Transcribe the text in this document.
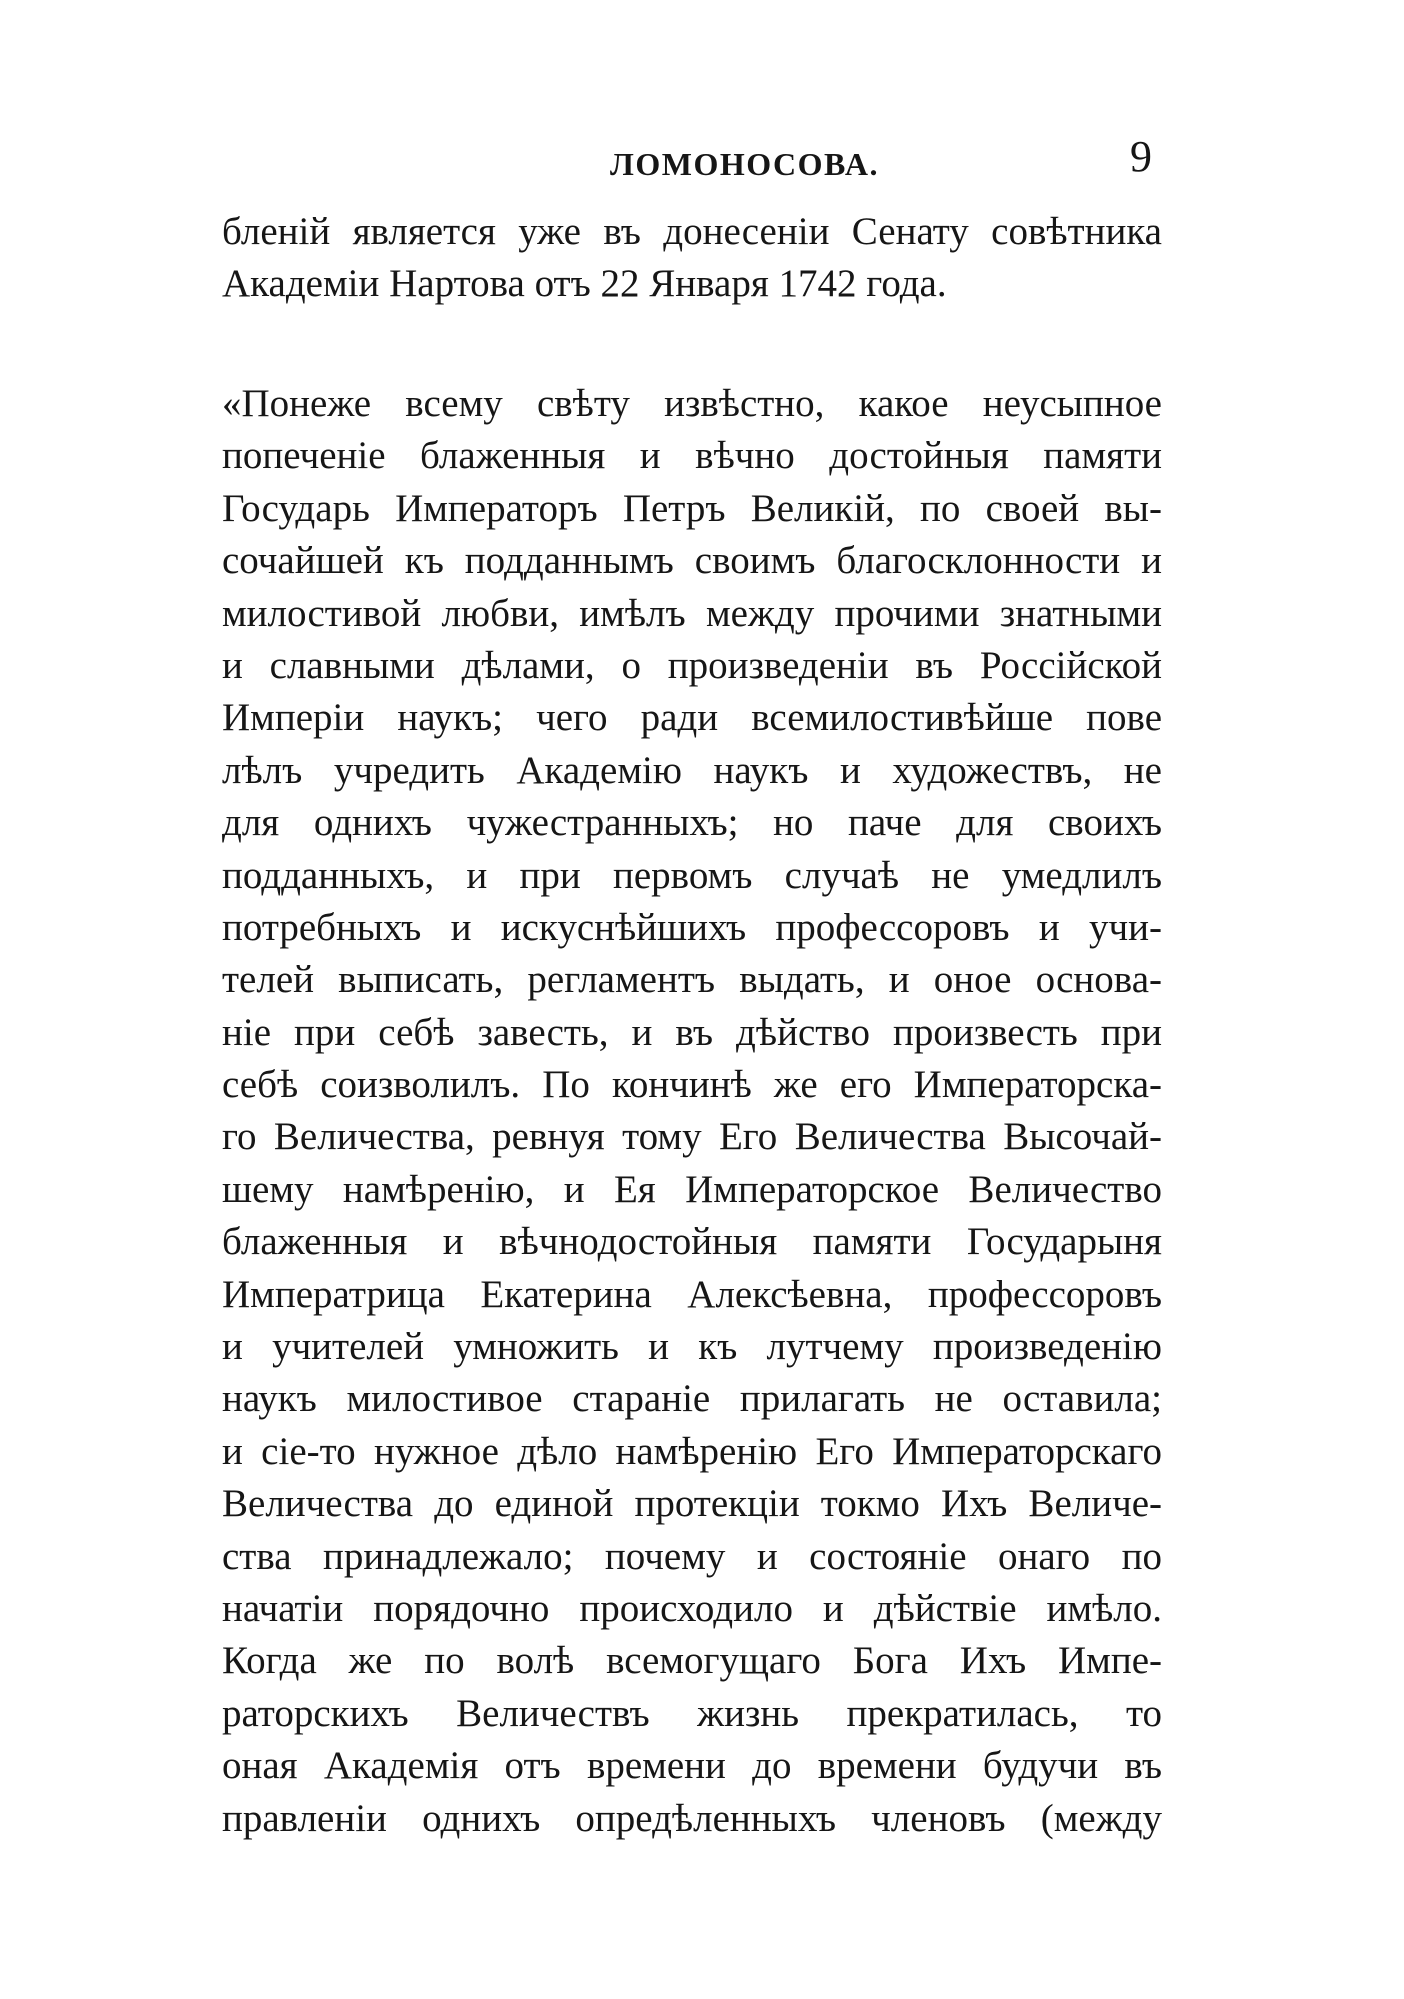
ЛОМОНОСОВА.	9
бленій является уже въ донесеніи Сенату совѣтника
Академіи Нартова отъ 22 Января 1742 года.
«Понеже всему свѣту извѣстно, какое неусыпное
попеченіе блаженныя и вѣчно достойныя памяти
Государь Императоръ Петръ Великій, по своей вы-
сочайшей къ подданнымъ своимъ благосклонности и
милостивой любви, имѣлъ между прочими знатными
и славными дѣлами, о произведеніи въ Россійской
Имперіи наукъ; чего ради всемилостивѣйше пове
лѣлъ учредить Академію наукъ и художествъ, не
для однихъ чужестранныхъ; но паче для своихъ
подданныхъ, и при первомъ случаѣ не умедлилъ
потребныхъ и искуснѣйшихъ профессоровъ и учи-
телей выписать, регламентъ выдать, и оное основа-
ніе при себѣ завесть, и въ дѣйство произвесть при
себѣ соизволилъ. По кончинѣ же его Императорска-
го Величества, ревнуя тому Его Величества Высочай-
шему намѣренію, и Ея Императорское Величество
блаженныя и вѣчнодостойныя памяти Государыня
Императрица Екатерина Алексѣевна, профессоровъ
и учителей умножить и къ лутчему произведенію
наукъ милостивое стараніе прилагать не оставила;
и сіе-то нужное дѣло намѣренію Его Императорскаго
Величества до единой протекціи токмо Ихъ Величе-
ства принадлежало; почему и состояніе онаго по
начатіи порядочно происходило и дѣйствіе имѣло.
Когда же по волѣ всемогущаго Бога Ихъ Импе-
раторскихъ Величествъ жизнь прекратилась, то
оная Академія отъ времени до времени будучи въ
правленіи однихъ опредѣленныхъ членовъ (между
